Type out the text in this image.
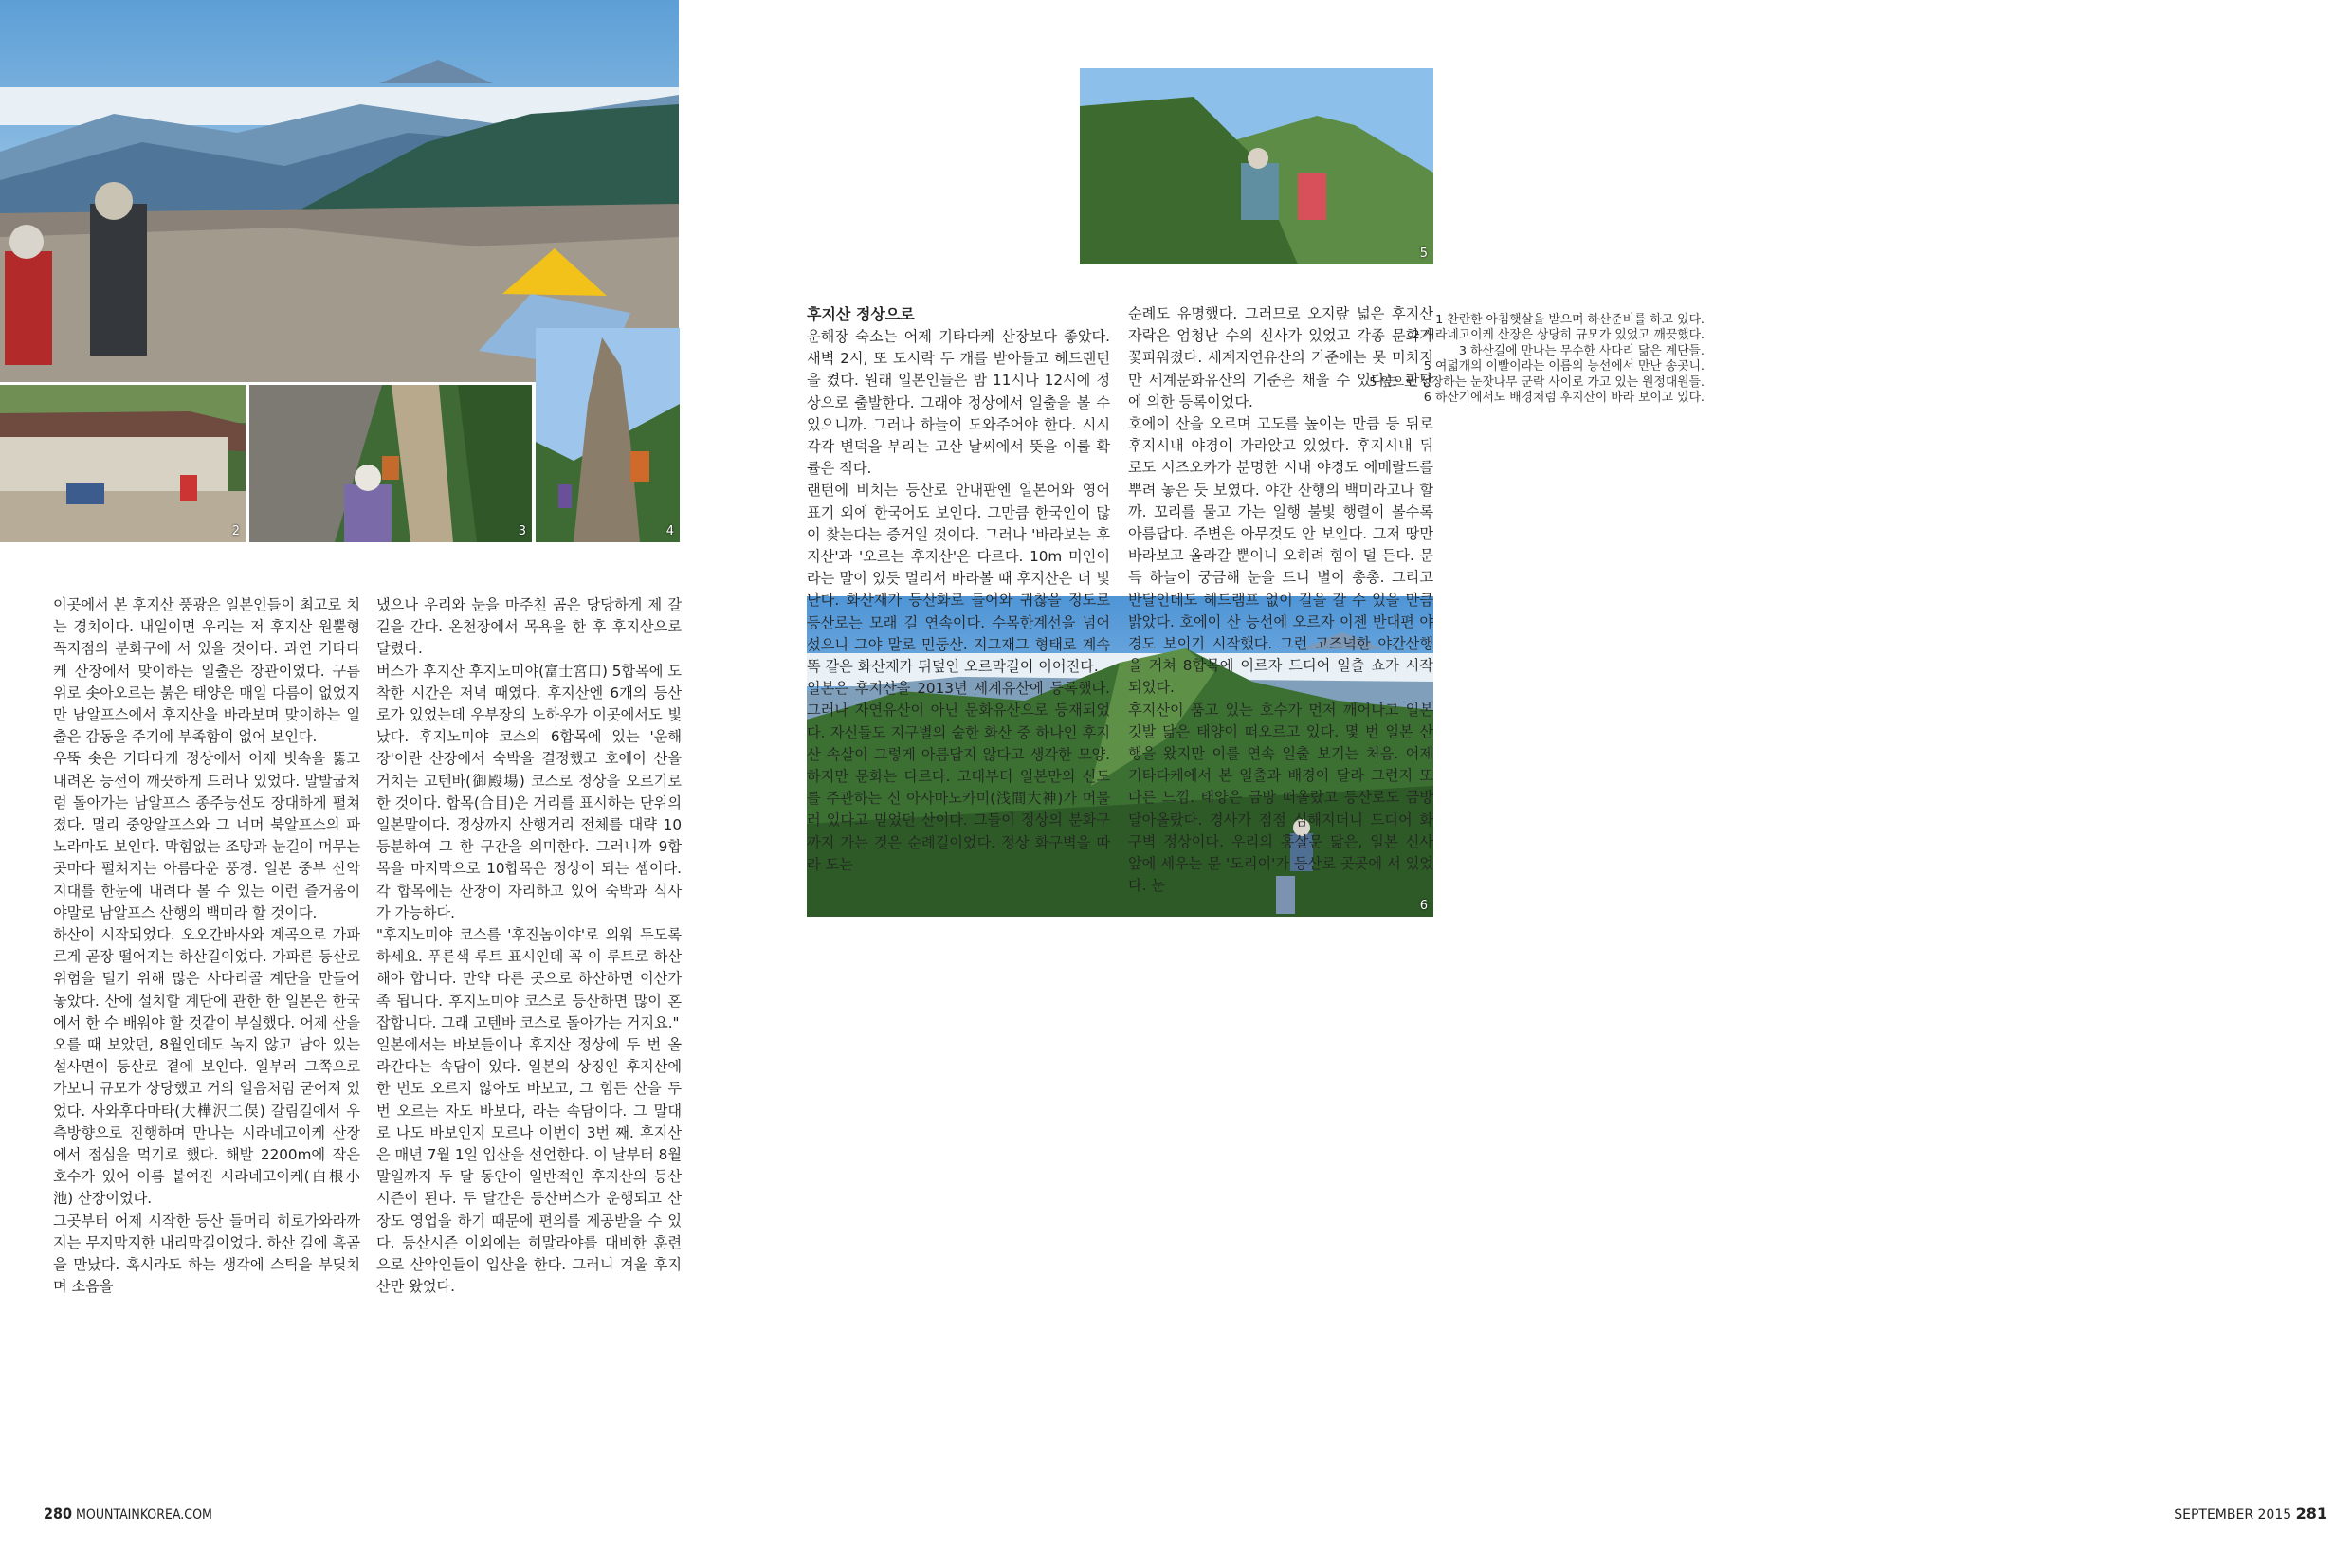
2	3	4
5
6
1 찬란한 아침햇살을 받으며 하산준비를 하고 있다.
2 시라네고이케 산장은 상당히 규모가 있었고 깨끗했다.
3 하산길에 만나는 무수한 사다리 닮은 계단들.
5 여덟개의 이빨이라는 이름의 능선에서 만난 송곳니.
5 옆으로 성장하는 눈잣나무 군락 사이로 가고 있는 원정대원들.
6 하산기에서도 배경처럼 후지산이 바라 보이고 있다.

이곳에서 본 후지산 풍광은 일본인들이 최고로 치는 경치이다. 내일이면 우리는 저 후지산 원뿔형 꼭지점의 분화구에 서 있을 것이다. 과연 기타다케 산장에서 맞이하는 일출은 장관이었다. 구름 위로 솟아오르는 붉은 태양은 매일 다름이 없었지만 남알프스에서 후지산을 바라보며 맞이하는 일출은 감동을 주기에 부족함이 없어 보인다.

우뚝 솟은 기타다케 정상에서 어제 빗속을 뚫고 내려온 능선이 깨끗하게 드러나 있었다. 말발굽처럼 돌아가는 남알프스 종주능선도 장대하게 펼쳐졌다. 멀리 중앙알프스와 그 너머 북알프스의 파노라마도 보인다. 막힘없는 조망과 눈길이 머무는 곳마다 펼쳐지는 아름다운 풍경. 일본 중부 산악지대를 한눈에 내려다 볼 수 있는 이런 즐거움이야말로 남알프스 산행의 백미라 할 것이다.

하산이 시작되었다. 오오간바사와 계곡으로 가파르게 곧장 떨어지는 하산길이었다. 가파른 등산로 위험을 덜기 위해 많은 사다리골 계단을 만들어 놓았다. 산에 설치할 계단에 관한 한 일본은 한국에서 한 수 배워야 할 것같이 부실했다. 어제 산을 오를 때 보았던, 8월인데도 녹지 않고 남아 있는 설사면이 등산로 곁에 보인다. 일부러 그쪽으로 가보니 규모가 상당했고 거의 얼음처럼 굳어져 있었다. 사와후다마타(大樺沢二俣) 갈림길에서 우측방향으로 진행하며 만나는 시라네고이케 산장에서 점심을 먹기로 했다. 해발 2200m에 작은 호수가 있어 이름 붙여진 시라네고이케(白根小池) 산장이었다.

그곳부터 어제 시작한 등산 들머리 히로가와라까지는 무지막지한 내리막길이었다. 하산 길에 흑곰을 만났다. 혹시라도 하는 생각에 스틱을 부딪치며 소음을

냈으나 우리와 눈을 마주친 곰은 당당하게 제 갈 길을 간다. 온천장에서 목욕을 한 후 후지산으로 달렸다.

버스가 후지산 후지노미야(富士宮口) 5합목에 도착한 시간은 저녁 때였다. 후지산엔 6개의 등산로가 있었는데 우부장의 노하우가 이곳에서도 빛났다. 후지노미야 코스의 6합목에 있는 '운해장'이란 산장에서 숙박을 결정했고 호에이 산을 거치는 고텐바(御殿場) 코스로 정상을 오르기로 한 것이다. 합목(合目)은 거리를 표시하는 단위의 일본말이다. 정상까지 산행거리 전체를 대략 10등분하여 그 한 구간을 의미한다. 그러니까 9합목을 마지막으로 10합목은 정상이 되는 셈이다. 각 합목에는 산장이 자리하고 있어 숙박과 식사가 가능하다.

"후지노미야 코스를 '후진놈이야'로 외워 두도록 하세요. 푸른색 루트 표시인데 꼭 이 루트로 하산해야 합니다. 만약 다른 곳으로 하산하면 이산가족 됩니다. 후지노미야 코스로 등산하면 많이 혼잡합니다. 그래 고텐바 코스로 돌아가는 거지요."

일본에서는 바보들이나 후지산 정상에 두 번 올라간다는 속담이 있다. 일본의 상징인 후지산에 한 번도 오르지 않아도 바보고, 그 힘든 산을 두 번 오르는 자도 바보다, 라는 속담이다. 그 말대로 나도 바보인지 모르나 이번이 3번 째. 후지산은 매년 7월 1일 입산을 선언한다. 이 날부터 8월 말일까지 두 달 동안이 일반적인 후지산의 등산시즌이 된다. 두 달간은 등산버스가 운행되고 산장도 영업을 하기 때문에 편의를 제공받을 수 있다. 등산시즌 이외에는 히말라야를 대비한 훈련으로 산악인들이 입산을 한다. 그러니 겨울 후지산만 왔었다.

후지산 정상으로

운해장 숙소는 어제 기타다케 산장보다 좋았다. 새벽 2시, 또 도시락 두 개를 받아들고 헤드랜턴을 켰다. 원래 일본인들은 밤 11시나 12시에 정상으로 출발한다. 그래야 정상에서 일출을 볼 수 있으니까. 그러나 하늘이 도와주어야 한다. 시시각각 변덕을 부리는 고산 날씨에서 뜻을 이룰 확률은 적다.

랜턴에 비치는 등산로 안내판엔 일본어와 영어 표기 외에 한국어도 보인다. 그만큼 한국인이 많이 찾는다는 증거일 것이다. 그러나 '바라보는 후지산'과 '오르는 후지산'은 다르다. 10m 미인이라는 말이 있듯 멀리서 바라볼 때 후지산은 더 빛난다. 화산재가 등산화로 들어와 귀찮을 정도로 등산로는 모래 길 연속이다. 수목한계선을 넘어 섰으니 그야 말로 민둥산. 지그재그 형태로 계속 똑 같은 화산재가 뒤덮인 오르막길이 이어진다.

일본은 후지산을 2013년 세계유산에 등록했다. 그러나 자연유산이 아닌 문화유산으로 등재되었다. 자신들도 지구별의 숱한 화산 중 하나인 후지산 속살이 그렇게 아름답지 않다고 생각한 모양. 하지만 문화는 다르다. 고대부터 일본만의 신도를 주관하는 신 아사마노카미(浅間大神)가 머물러 있다고 믿었던 산이다. 그들이 정상의 분화구까지 가는 것은 순례길이었다. 정상 화구벽을 따라 도는

순례도 유명했다. 그러므로 오지랖 넓은 후지산 자락은 엄청난 수의 신사가 있었고 각종 문화가 꽃피워졌다. 세계자연유산의 기준에는 못 미치지만 세계문화유산의 기준은 채울 수 있다는 판단에 의한 등록이었다.

호에이 산을 오르며 고도를 높이는 만큼 등 뒤로 후지시내 야경이 가라앉고 있었다. 후지시내 뒤로도 시즈오카가 분명한 시내 야경도 에메랄드를 뿌려 놓은 듯 보였다. 야간 산행의 백미라고나 할까. 꼬리를 물고 가는 일행 불빛 행렬이 볼수록 아름답다. 주변은 아무것도 안 보인다. 그저 땅만 바라보고 올라갈 뿐이니 오히려 힘이 덜 든다. 문득 하늘이 궁금해 눈을 드니 별이 총총. 그리고 반달인데도 헤드램프 없이 길을 갈 수 있을 만큼 밝았다. 호에이 산 능선에 오르자 이젠 반대편 야경도 보이기 시작했다. 그런 고즈넉한 야간산행을 거쳐 8합목에 이르자 드디어 일출 쇼가 시작되었다.

후지산이 품고 있는 호수가 먼저 깨어나고 일본 깃발 닮은 태양이 떠오르고 있다. 몇 번 일본 산행을 왔지만 이를 연속 일출 보기는 처음. 어제 기타다케에서 본 일출과 배경이 달라 그런지 또 다른 느낌. 태양은 금방 떠올랐고 등산로도 금방 달아올랐다. 경사가 점점 심해지더니 드디어 화구벽 정상이다. 우리의 홍살문 닮은, 일본 신사 앞에 세우는 문 '도리이'가 등산로 곳곳에 서 있었다. 눈

280 MOUNTAINKOREA.COM	SEPTEMBER 2015 281
